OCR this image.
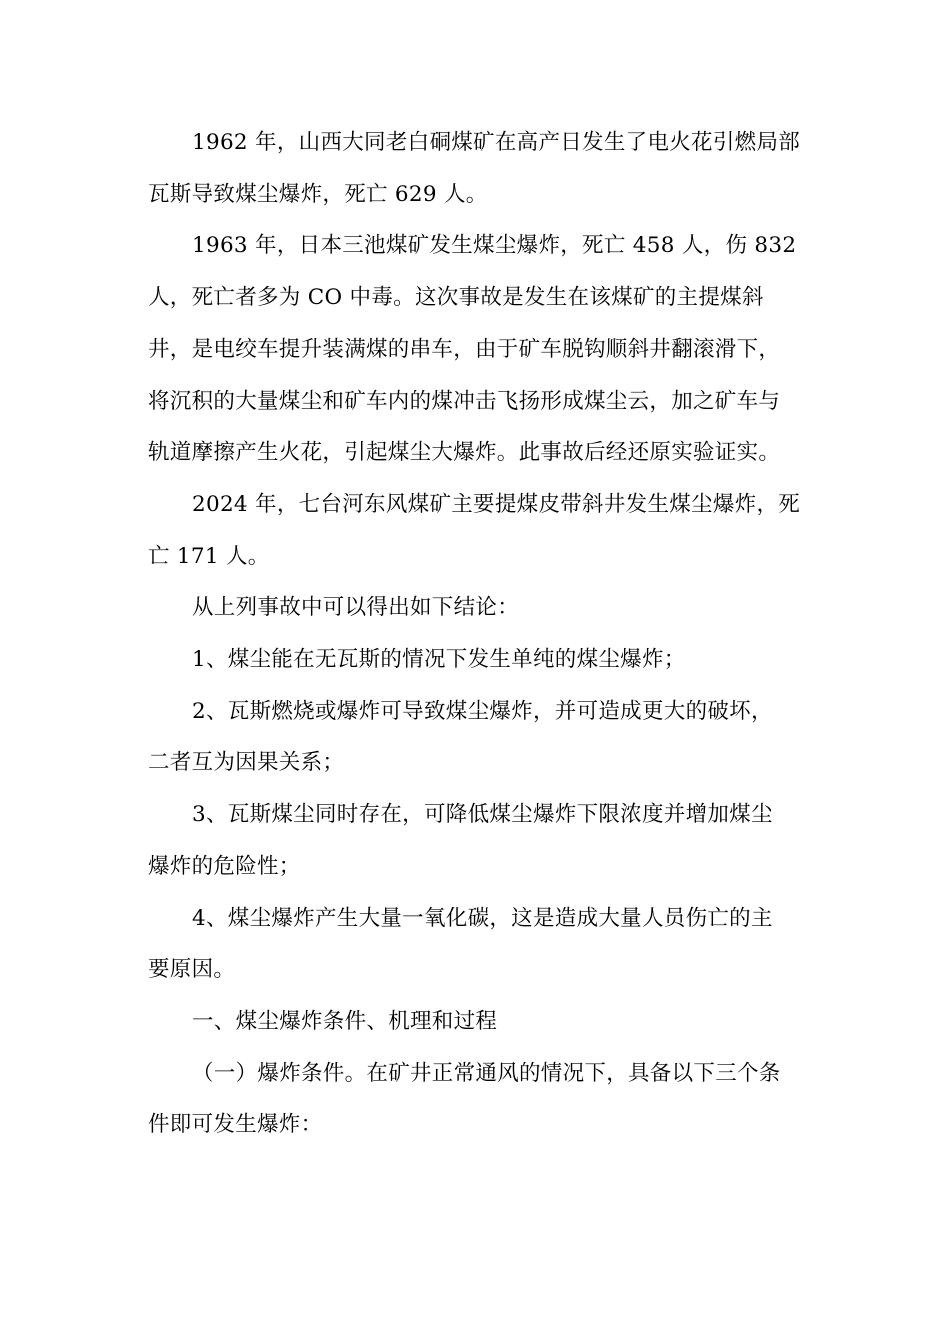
1962 年，山西大同老白硐煤矿在高产日发生了电火花引燃局部
瓦斯导致煤尘爆炸，死亡 629 人。

1963 年，日本三池煤矿发生煤尘爆炸，死亡 458 人，伤 832
人，死亡者多为 CO 中毒。这次事故是发生在该煤矿的主提煤斜
井，是电绞车提升装满煤的串车，由于矿车脱钩顺斜井翻滚滑下，
将沉积的大量煤尘和矿车内的煤冲击飞扬形成煤尘云，加之矿车与
轨道摩擦产生火花，引起煤尘大爆炸。此事故后经还原实验证实。

2024 年，七台河东风煤矿主要提煤皮带斜井发生煤尘爆炸，死
亡 171 人。

从上列事故中可以得出如下结论：

1、煤尘能在无瓦斯的情况下发生单纯的煤尘爆炸；

2、瓦斯燃烧或爆炸可导致煤尘爆炸，并可造成更大的破坏，
二者互为因果关系；

3、瓦斯煤尘同时存在，可降低煤尘爆炸下限浓度并增加煤尘
爆炸的危险性；

4、煤尘爆炸产生大量一氧化碳，这是造成大量人员伤亡的主
要原因。

一、煤尘爆炸条件、机理和过程

（一）爆炸条件。在矿井正常通风的情况下，具备以下三个条
件即可发生爆炸：
